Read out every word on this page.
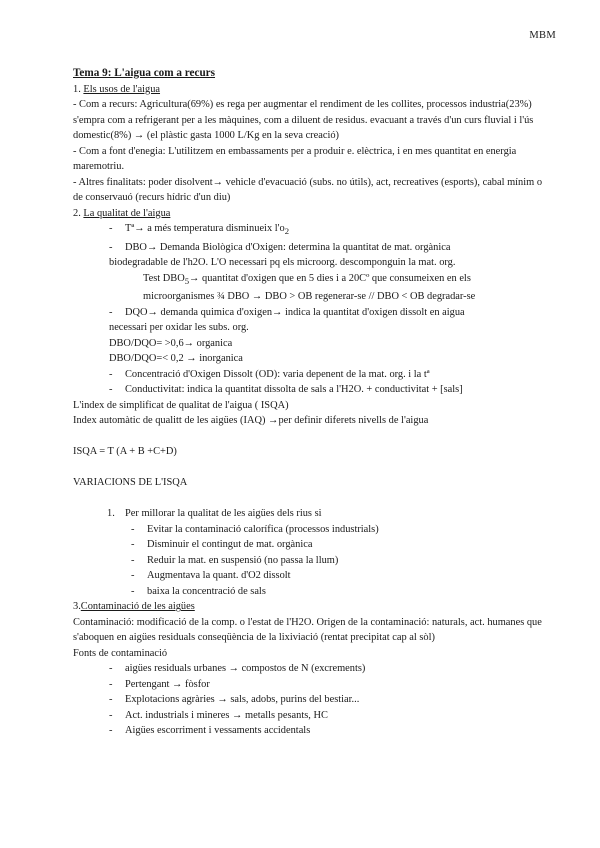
MBM

Tema 9: L'aigua com a recurs

1. Els usos de l'aigua

- Com a recurs: Agricultura(69%) es rega per augmentar el rendiment de les collites, processos industria(23%) s'empra com a refrigerant per a les màquines, com a diluent de residus. evacuant a través d'un curs fluvial i l'ús domestic(8%) → (el plàstic gasta 1000 L/Kg en la seva creació)

- Com a font d'enegia: L'utilitzem en embassaments per a produir e. elèctrica, i en mes quantitat en energia maremotriu.

- Altres finalitats: poder disolvent→ vehicle d'evacuació (subs. no útils), act, recreatives (esports), cabal mínim o de conservauó (recurs hídric d'un diu)

2. La qualitat de l'aigua

- Tª→ a més temperatura disminueix $l'o_2$

- DBO→ Demanda Biològica d'Oxigen: determina la quantitat de mat. orgànica

biodegradable de l'h2O. L'O necessari pq els microorg. descomponguin la mat. org.

Test $DBO_5\to$ quantitat d'oxigen que en 5 dies i a 20Cº que consumeixen en els microorganismes ¾ DBO → DBO > OB regenerar-se // DBO < OB degradar-se

- DQO→ demanda quimica d'oxigen→ indica la quantitat d'oxigen dissolt en aigua

necessari per oxidar les subs. org.

DBO/DQO= >0,6→ organica

DBO/DQO=< 0,2 → inorganica

- Concentració d'Oxigen Dissolt (OD): varia depenent de la mat. org. i la tª

- Conductivitat: indica la quantitat dissolta de sals a l'H2O. + conductivitat + [sals]

L'index de simplificat de qualitat de l'aigua ( ISQA)

Index automàtic de qualitt de les aigües (IAQ) →per definir diferets nivells de l'aigua

ISQA = T (A + B +C+D)

VARIACIONS DE L'ISQA

1. Per millorar la qualitat de les aigües dels rius si

- Evitar la contaminació calorífica (processos industrials)

- Disminuir el contingut de mat. orgànica

- Reduir la mat. en suspensió (no passa la llum)

- Augmentava la quant. d'O2 dissolt

- baixa la concentració de sals

3.Contaminació de les aigües

Contaminació: modificació de la comp. o l'estat de l'H2O. Origen de la contaminació: naturals, act. humanes que s'aboquen en aigües residuals conseqüència de la lixiviació (rentat precipitat cap al sòl)

Fonts de contaminació

- aigües residuals urbanes → compostos de N (excrements)

- Pertengant → fòsfor

- Explotacions agràries → sals, adobs, purins del bestiar...

- Act. industrials i mineres → metalls pesants, HC

- Aigües escorriment i vessaments accidentals
